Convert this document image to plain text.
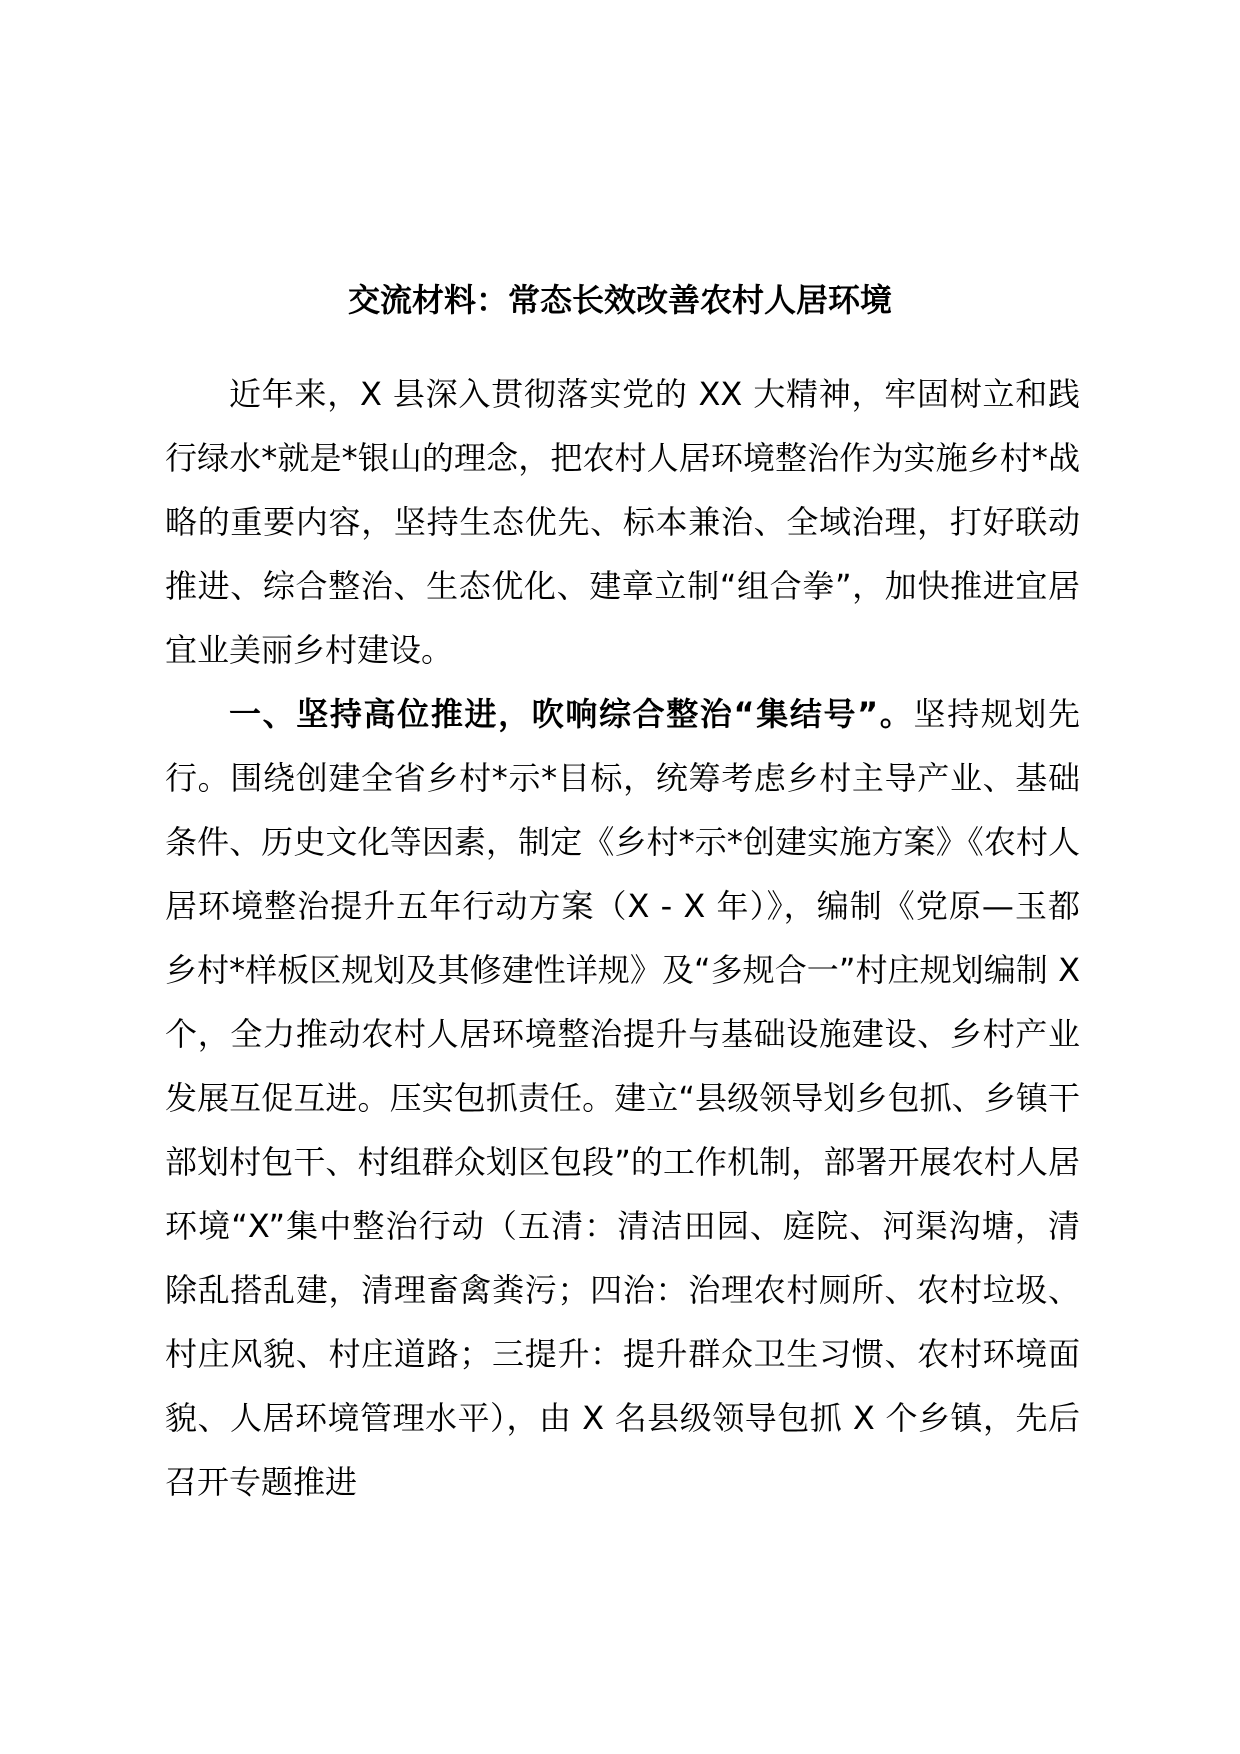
交流材料：常态长效改善农村人居环境

近年来，X 县深入贯彻落实党的 XX 大精神，牢固树立和践行绿水*就是*银山的理念，把农村人居环境整治作为实施乡村*战略的重要内容，坚持生态优先、标本兼治、全域治理，打好联动推进、综合整治、生态优化、建章立制“组合拳”，加快推进宜居宜业美丽乡村建设。

一、坚持高位推进，吹响综合整治“集结号”。坚持规划先行。围绕创建全省乡村*示*目标，统筹考虑乡村主导产业、基础条件、历史文化等因素，制定《乡村*示*创建实施方案》《农村人居环境整治提升五年行动方案（X - X 年）》，编制《党原—玉都乡村*样板区规划及其修建性详规》及“多规合一”村庄规划编制 X 个，全力推动农村人居环境整治提升与基础设施建设、乡村产业发展互促互进。压实包抓责任。建立“县级领导划乡包抓、乡镇干部划村包干、村组群众划区包段”的工作机制，部署开展农村人居环境“X”集中整治行动（五清：清洁田园、庭院、河渠沟塘，清除乱搭乱建，清理畜禽粪污；四治：治理农村厕所、农村垃圾、村庄风貌、村庄道路；三提升：提升群众卫生习惯、农村环境面貌、人居环境管理水平），由 X 名县级领导包抓 X 个乡镇，先后召开专题推进
